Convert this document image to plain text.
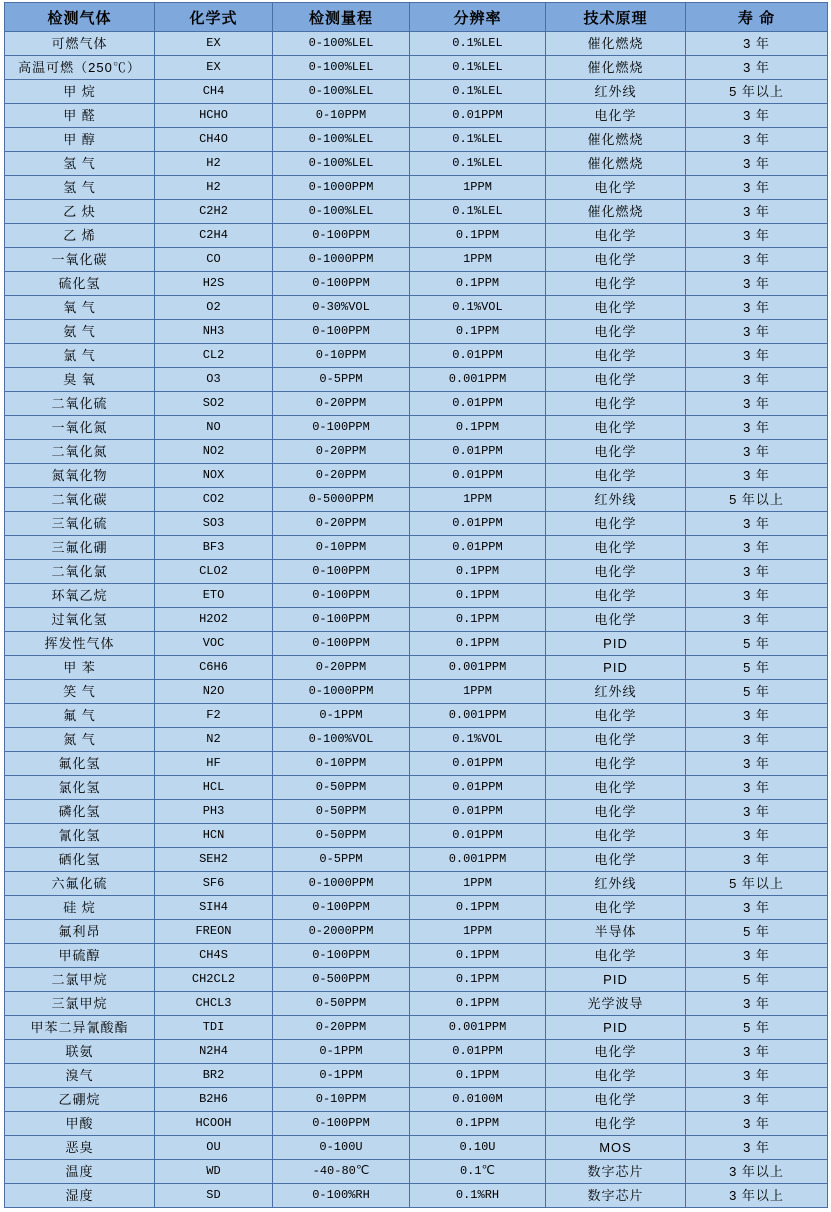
检测气体	化学式	检测量程	分辨率	技术原理	寿 命
可燃气体	EX	0-100%LEL	0.1%LEL	催化燃烧	3 年
高温可燃（250℃）	EX	0-100%LEL	0.1%LEL	催化燃烧	3 年
甲 烷	CH4	0-100%LEL	0.1%LEL	红外线	5 年以上
甲 醛	HCHO	0-10PPM	0.01PPM	电化学	3 年
甲 醇	CH4O	0-100%LEL	0.1%LEL	催化燃烧	3 年
氢 气	H2	0-100%LEL	0.1%LEL	催化燃烧	3 年
氢 气	H2	0-1000PPM	1PPM	电化学	3 年
乙 炔	C2H2	0-100%LEL	0.1%LEL	催化燃烧	3 年
乙 烯	C2H4	0-100PPM	0.1PPM	电化学	3 年
一氧化碳	CO	0-1000PPM	1PPM	电化学	3 年
硫化氢	H2S	0-100PPM	0.1PPM	电化学	3 年
氧 气	O2	0-30%VOL	0.1%VOL	电化学	3 年
氨 气	NH3	0-100PPM	0.1PPM	电化学	3 年
氯 气	CL2	0-10PPM	0.01PPM	电化学	3 年
臭 氧	O3	0-5PPM	0.001PPM	电化学	3 年
二氧化硫	SO2	0-20PPM	0.01PPM	电化学	3 年
一氧化氮	NO	0-100PPM	0.1PPM	电化学	3 年
二氧化氮	NO2	0-20PPM	0.01PPM	电化学	3 年
氮氧化物	NOX	0-20PPM	0.01PPM	电化学	3 年
二氧化碳	CO2	0-5000PPM	1PPM	红外线	5 年以上
三氧化硫	SO3	0-20PPM	0.01PPM	电化学	3 年
三氟化硼	BF3	0-10PPM	0.01PPM	电化学	3 年
二氧化氯	CLO2	0-100PPM	0.1PPM	电化学	3 年
环氧乙烷	ETO	0-100PPM	0.1PPM	电化学	3 年
过氧化氢	H2O2	0-100PPM	0.1PPM	电化学	3 年
挥发性气体	VOC	0-100PPM	0.1PPM	PID	5 年
甲 苯	C6H6	0-20PPM	0.001PPM	PID	5 年
笑 气	N2O	0-1000PPM	1PPM	红外线	5 年
氟 气	F2	0-1PPM	0.001PPM	电化学	3 年
氮 气	N2	0-100%VOL	0.1%VOL	电化学	3 年
氟化氢	HF	0-10PPM	0.01PPM	电化学	3 年
氯化氢	HCL	0-50PPM	0.01PPM	电化学	3 年
磷化氢	PH3	0-50PPM	0.01PPM	电化学	3 年
氰化氢	HCN	0-50PPM	0.01PPM	电化学	3 年
硒化氢	SEH2	0-5PPM	0.001PPM	电化学	3 年
六氟化硫	SF6	0-1000PPM	1PPM	红外线	5 年以上
硅 烷	SIH4	0-100PPM	0.1PPM	电化学	3 年
氟利昂	FREON	0-2000PPM	1PPM	半导体	5 年
甲硫醇	CH4S	0-100PPM	0.1PPM	电化学	3 年
二氯甲烷	CH2CL2	0-500PPM	0.1PPM	PID	5 年
三氯甲烷	CHCL3	0-50PPM	0.1PPM	光学波导	3 年
甲苯二异氰酸酯	TDI	0-20PPM	0.001PPM	PID	5 年
联氨	N2H4	0-1PPM	0.01PPM	电化学	3 年
溴气	BR2	0-1PPM	0.1PPM	电化学	3 年
乙硼烷	B2H6	0-10PPM	0.0100M	电化学	3 年
甲酸	HCOOH	0-100PPM	0.1PPM	电化学	3 年
恶臭	OU	0-100U	0.10U	MOS	3 年
温度	WD	-40-80℃	0.1℃	数字芯片	3 年以上
湿度	SD	0-100%RH	0.1%RH	数字芯片	3 年以上
